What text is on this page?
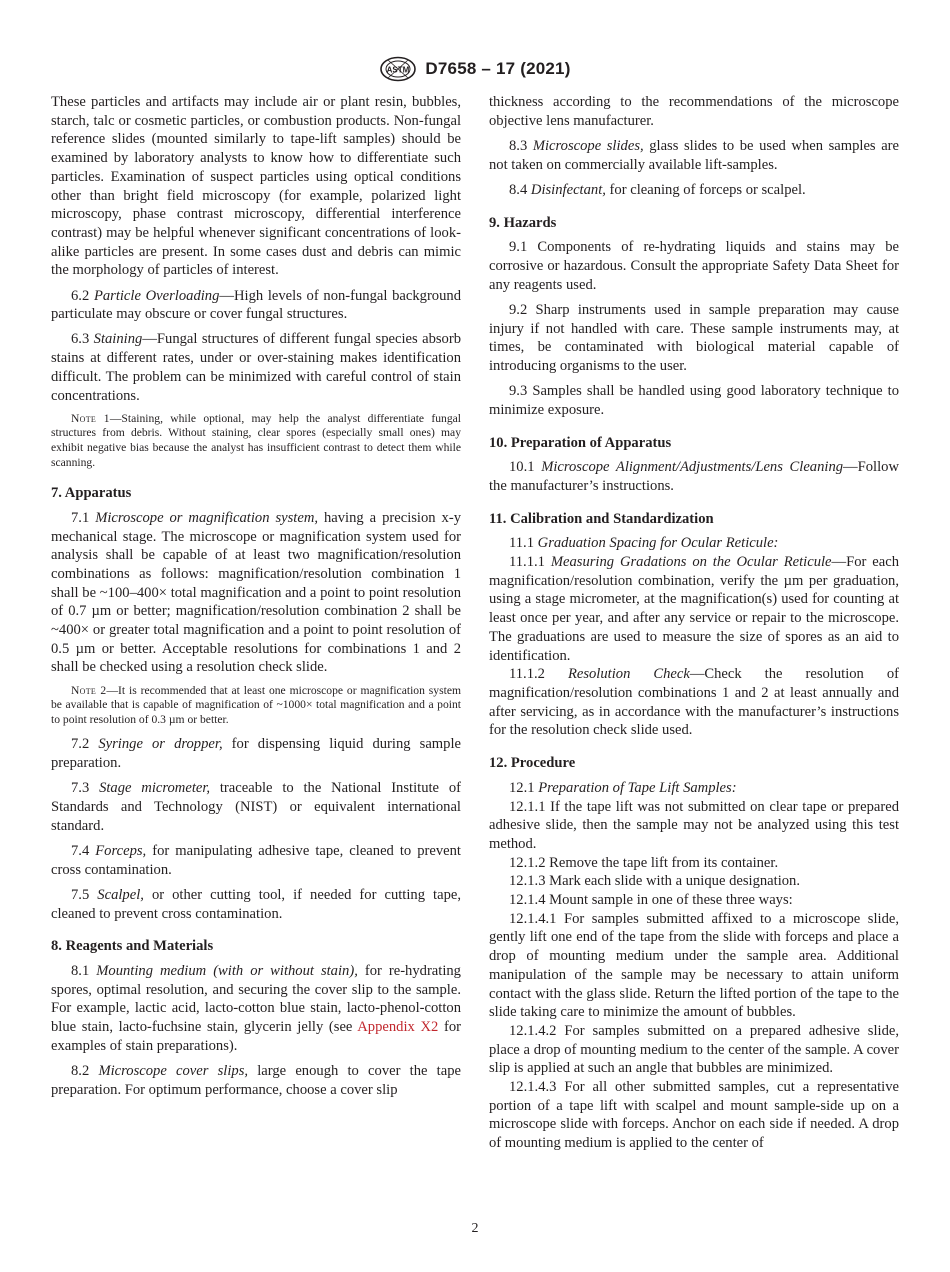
ASTM D7658 – 17 (2021)

These particles and artifacts may include air or plant resin, bubbles, starch, talc or cosmetic particles, or combustion products. Non-fungal reference slides (mounted similarly to tape-lift samples) should be examined by laboratory analysts to know how to differentiate such particles. Examination of suspect particles using optical conditions other than bright field microscopy (for example, polarized light microscopy, phase contrast microscopy, differential interference contrast) may be helpful whenever significant concentrations of look-alike particles are present. In some cases dust and debris can mimic the morphology of particles of interest.

6.2 Particle Overloading—High levels of non-fungal background particulate may obscure or cover fungal structures.

6.3 Staining—Fungal structures of different fungal species absorb stains at different rates, under or over-staining makes identification difficult. The problem can be minimized with careful control of stain concentrations.

Note 1—Staining, while optional, may help the analyst differentiate fungal structures from debris. Without staining, clear spores (especially small ones) may exhibit negative bias because the analyst has insufficient contrast to detect them while scanning.

7. Apparatus

7.1 Microscope or magnification system, having a precision x-y mechanical stage. The microscope or magnification system used for analysis shall be capable of at least two magnification/resolution combinations as follows: magnification/resolution combination 1 shall be ~100–400× total magnification and a point to point resolution of 0.7 µm or better; magnification/resolution combination 2 shall be ~400× or greater total magnification and a point to point resolution of 0.5 µm or better. Acceptable resolutions for combinations 1 and 2 shall be checked using a resolution check slide.

Note 2—It is recommended that at least one microscope or magnification system be available that is capable of magnification of ~1000× total magnification and a point to point resolution of 0.3 µm or better.

7.2 Syringe or dropper, for dispensing liquid during sample preparation.

7.3 Stage micrometer, traceable to the National Institute of Standards and Technology (NIST) or equivalent international standard.

7.4 Forceps, for manipulating adhesive tape, cleaned to prevent cross contamination.

7.5 Scalpel, or other cutting tool, if needed for cutting tape, cleaned to prevent cross contamination.

8. Reagents and Materials

8.1 Mounting medium (with or without stain), for re-hydrating spores, optimal resolution, and securing the cover slip to the sample. For example, lactic acid, lacto-cotton blue stain, lacto-phenol-cotton blue stain, lacto-fuchsine stain, glycerin jelly (see Appendix X2 for examples of stain preparations).

8.2 Microscope cover slips, large enough to cover the tape preparation. For optimum performance, choose a cover slip

thickness according to the recommendations of the microscope objective lens manufacturer.

8.3 Microscope slides, glass slides to be used when samples are not taken on commercially available lift-samples.

8.4 Disinfectant, for cleaning of forceps or scalpel.

9. Hazards

9.1 Components of re-hydrating liquids and stains may be corrosive or hazardous. Consult the appropriate Safety Data Sheet for any reagents used.

9.2 Sharp instruments used in sample preparation may cause injury if not handled with care. These sample instruments may, at times, be contaminated with biological material capable of introducing organisms to the user.

9.3 Samples shall be handled using good laboratory technique to minimize exposure.

10. Preparation of Apparatus

10.1 Microscope Alignment/Adjustments/Lens Cleaning—Follow the manufacturer’s instructions.

11. Calibration and Standardization

11.1 Graduation Spacing for Ocular Reticule:

11.1.1 Measuring Gradations on the Ocular Reticule—For each magnification/resolution combination, verify the µm per graduation, using a stage micrometer, at the magnification(s) used for counting at least once per year, and after any service or repair to the microscope. The graduations are used to measure the size of spores as an aid to identification.

11.1.2 Resolution Check—Check the resolution of magnification/resolution combinations 1 and 2 at least annually and after servicing, as in accordance with the manufacturer’s instructions for the resolution check slide used.

12. Procedure

12.1 Preparation of Tape Lift Samples:

12.1.1 If the tape lift was not submitted on clear tape or prepared adhesive slide, then the sample may not be analyzed using this test method.

12.1.2 Remove the tape lift from its container.

12.1.3 Mark each slide with a unique designation.

12.1.4 Mount sample in one of these three ways:

12.1.4.1 For samples submitted affixed to a microscope slide, gently lift one end of the tape from the slide with forceps and place a drop of mounting medium under the sample area. Additional manipulation of the sample may be necessary to attain uniform contact with the glass slide. Return the lifted portion of the tape to the slide taking care to minimize the amount of bubbles.

12.1.4.2 For samples submitted on a prepared adhesive slide, place a drop of mounting medium to the center of the sample. A cover slip is applied at such an angle that bubbles are minimized.

12.1.4.3 For all other submitted samples, cut a representative portion of a tape lift with scalpel and mount sample-side up on a microscope slide with forceps. Anchor on each side if needed. A drop of mounting medium is applied to the center of

2
